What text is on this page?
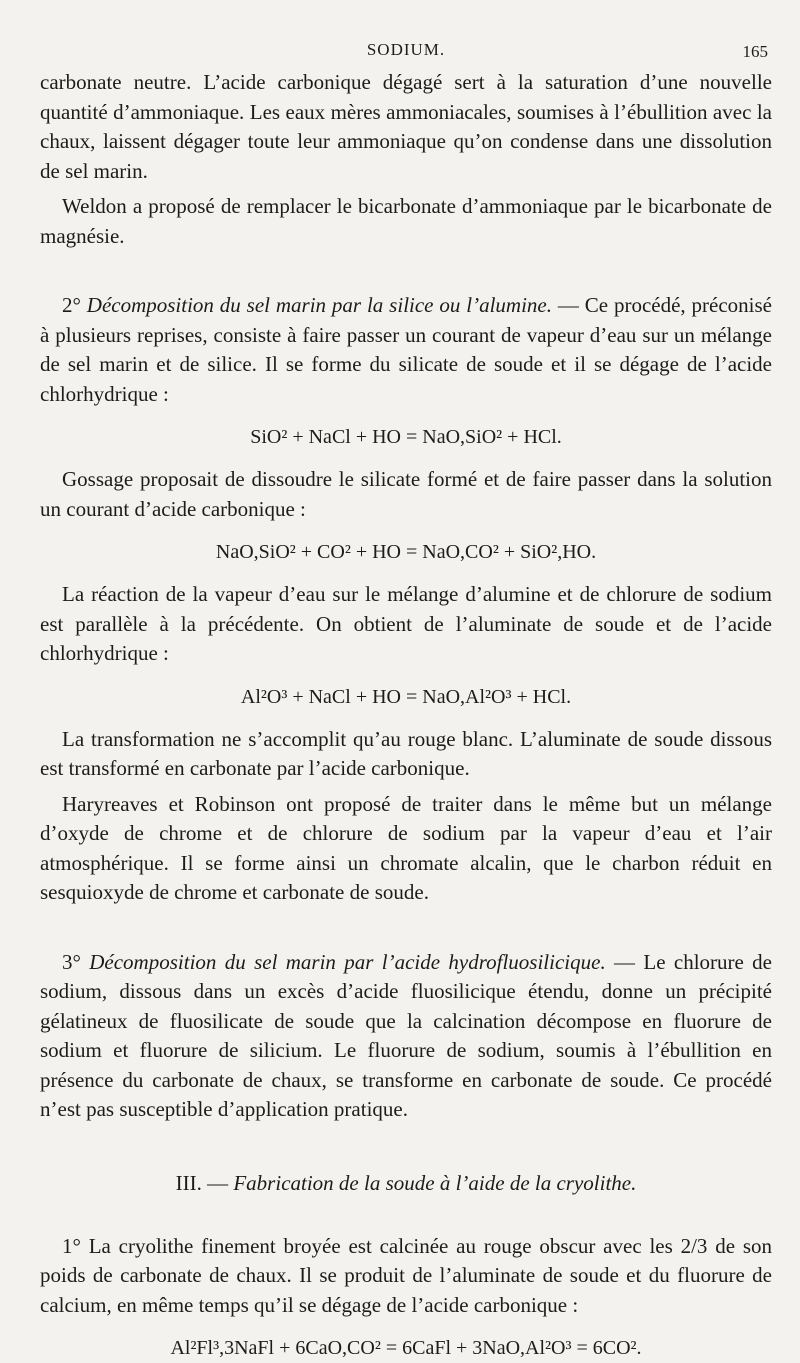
SODIUM.	165

carbonate neutre. L’acide carbonique dégagé sert à la saturation d’une nouvelle quantité d’ammoniaque. Les eaux mères ammoniacales, soumises à l’ébullition avec la chaux, laissent dégager toute leur ammoniaque qu’on condense dans une dissolution de sel marin.

Weldon a proposé de remplacer le bicarbonate d’ammoniaque par le bicarbonate de magnésie.

2° Décomposition du sel marin par la silice ou l’alumine. — Ce procédé, préconisé à plusieurs reprises, consiste à faire passer un courant de vapeur d’eau sur un mélange de sel marin et de silice. Il se forme du silicate de soude et il se dégage de l’acide chlorhydrique :

SiO² + NaCl + HO = NaO,SiO² + HCl.

Gossage proposait de dissoudre le silicate formé et de faire passer dans la solution un courant d’acide carbonique :

NaO,SiO² + CO² + HO = NaO,CO² + SiO²,HO.

La réaction de la vapeur d’eau sur le mélange d’alumine et de chlorure de sodium est parallèle à la précédente. On obtient de l’aluminate de soude et de l’acide chlorhydrique :

Al²O³ + NaCl + HO = NaO,Al²O³ + HCl.

La transformation ne s’accomplit qu’au rouge blanc. L’aluminate de soude dissous est transformé en carbonate par l’acide carbonique.

Haryreaves et Robinson ont proposé de traiter dans le même but un mélange d’oxyde de chrome et de chlorure de sodium par la vapeur d’eau et l’air atmosphérique. Il se forme ainsi un chromate alcalin, que le charbon réduit en sesquioxyde de chrome et carbonate de soude.

3° Décomposition du sel marin par l’acide hydrofluosilicique. — Le chlorure de sodium, dissous dans un excès d’acide fluosilicique étendu, donne un précipité gélatineux de fluosilicate de soude que la calcination décompose en fluorure de sodium et fluorure de silicium. Le fluorure de sodium, soumis à l’ébullition en présence du carbonate de chaux, se transforme en carbonate de soude. Ce procédé n’est pas susceptible d’application pratique.

III. — Fabrication de la soude à l’aide de la cryolithe.

1° La cryolithe finement broyée est calcinée au rouge obscur avec les 2/3 de son poids de carbonate de chaux. Il se produit de l’aluminate de soude et du fluorure de calcium, en même temps qu’il se dégage de l’acide carbonique :

Al²Fl³,3NaFl + 6CaO,CO² = 6CaFl + 3NaO,Al²O³ = 6CO².
